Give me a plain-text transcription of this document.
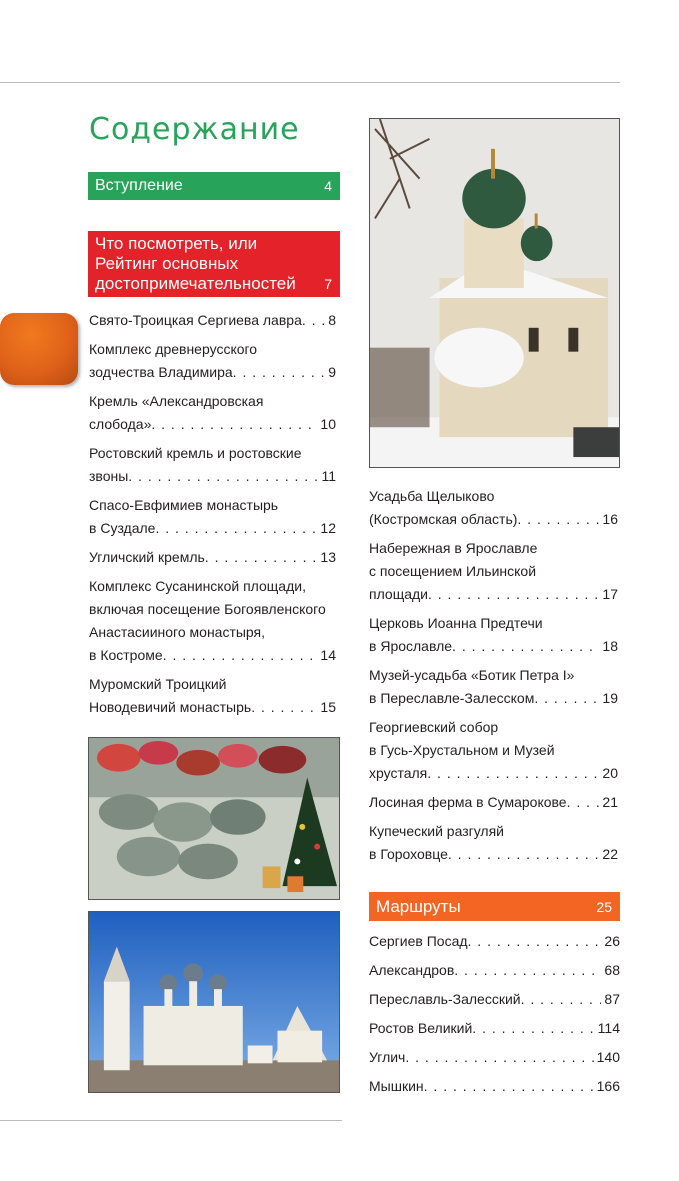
Содержание
Вступление	4
Что посмотреть, или
Рейтинг основных
достопримечательностей 7
Свято-Троицкая Сергиева лавра . . . 8
Комплекс древнерусского
зодчества Владимира . . .	9
Кремль «Александровская
слобода» . . .	10
Ростовский кремль и ростовские
звоны . . .	11
Спасо-Евфимиев монастырь
в Суздале . . .	12
Угличский кремль . . .	13
Комплекс Сусанинской площади,
включая посещение Богоявленского
Анастасииного монастыря,
в Костроме . . .	14
Муромский Троицкий
Новодевичий монастырь . . .	15
Усадьба Щелыково
(Костромская область) . . .	16
Набережная в Ярославле
с посещением Ильинской
площади . . .	17
Церковь Иоанна Предтечи
в Ярославле . . .	18
Музей-усадьба «Ботик Петра I»
в Переславле-Залесском . . .	19
Георгиевский собор
в Гусь-Хрустальном и Музей
хрусталя . . .	20
Лосиная ферма в Сумарокове . . .	21
Купеческий разгуляй
в Гороховце . . .	22
Маршруты	25
Сергиев Посад . . .	26
Александров . . .	68
Переславль-Залесский . . .	87
Ростов Великий . . .	114
Углич . . .	140
Мышкин . . .	166
